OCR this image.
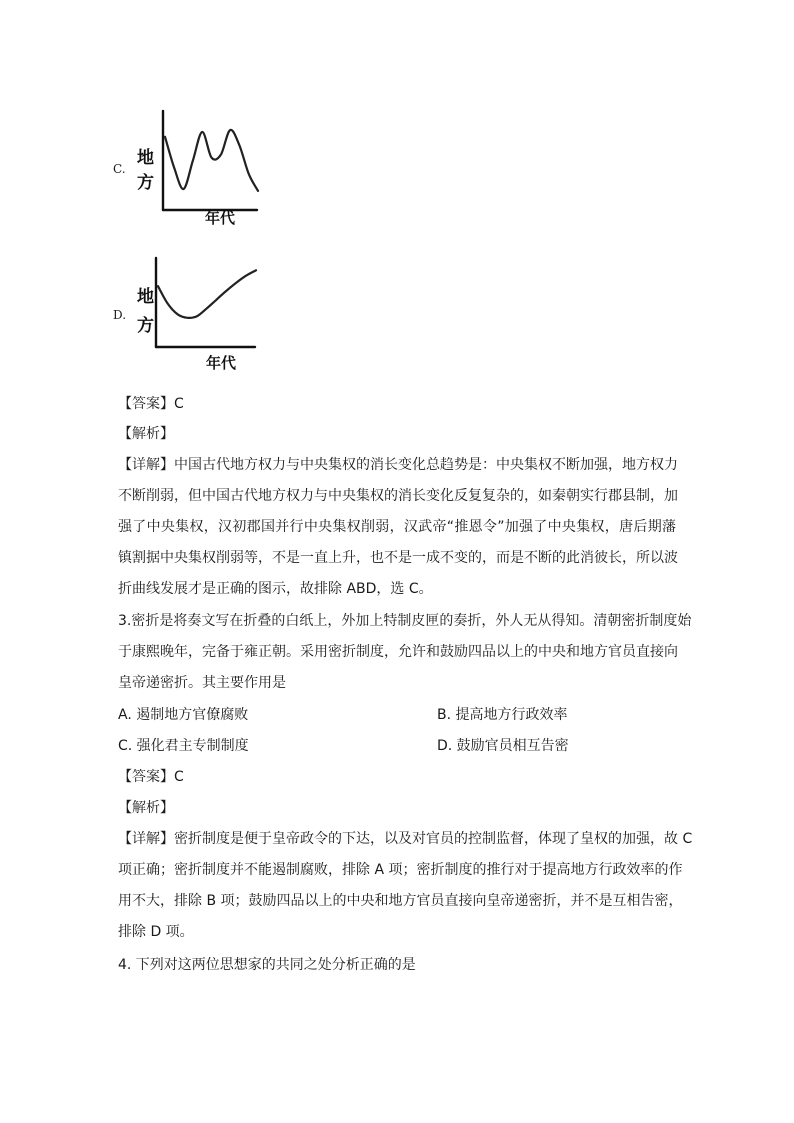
C.
地
方
年代
D.
地
方
年代
【答案】C
【解析】
【详解】中国古代地方权力与中央集权的消长变化总趋势是：中央集权不断加强，地方权力
不断削弱，但中国古代地方权力与中央集权的消长变化反复复杂的，如秦朝实行郡县制，加
强了中央集权，汉初郡国并行中央集权削弱，汉武帝“推恩令”加强了中央集权，唐后期藩
镇割据中央集权削弱等，不是一直上升，也不是一成不变的，而是不断的此消彼长，所以波
折曲线发展才是正确的图示，故排除 ABD，选 C。
3.密折是将奏文写在折叠的白纸上，外加上特制皮匣的奏折，外人无从得知。清朝密折制度始
于康熙晚年，完备于雍正朝。采用密折制度，允许和鼓励四品以上的中央和地方官员直接向
皇帝递密折。其主要作用是
A. 遏制地方官僚腐败	B. 提高地方行政效率
C. 强化君主专制制度	D. 鼓励官员相互告密
【答案】C
【解析】
【详解】密折制度是便于皇帝政令的下达，以及对官员的控制监督，体现了皇权的加强，故 C
项正确；密折制度并不能遏制腐败，排除 A 项；密折制度的推行对于提高地方行政效率的作
用不大，排除 B 项；鼓励四品以上的中央和地方官员直接向皇帝递密折，并不是互相告密，
排除 D 项。
4. 下列对这两位思想家的共同之处分析正确的是
